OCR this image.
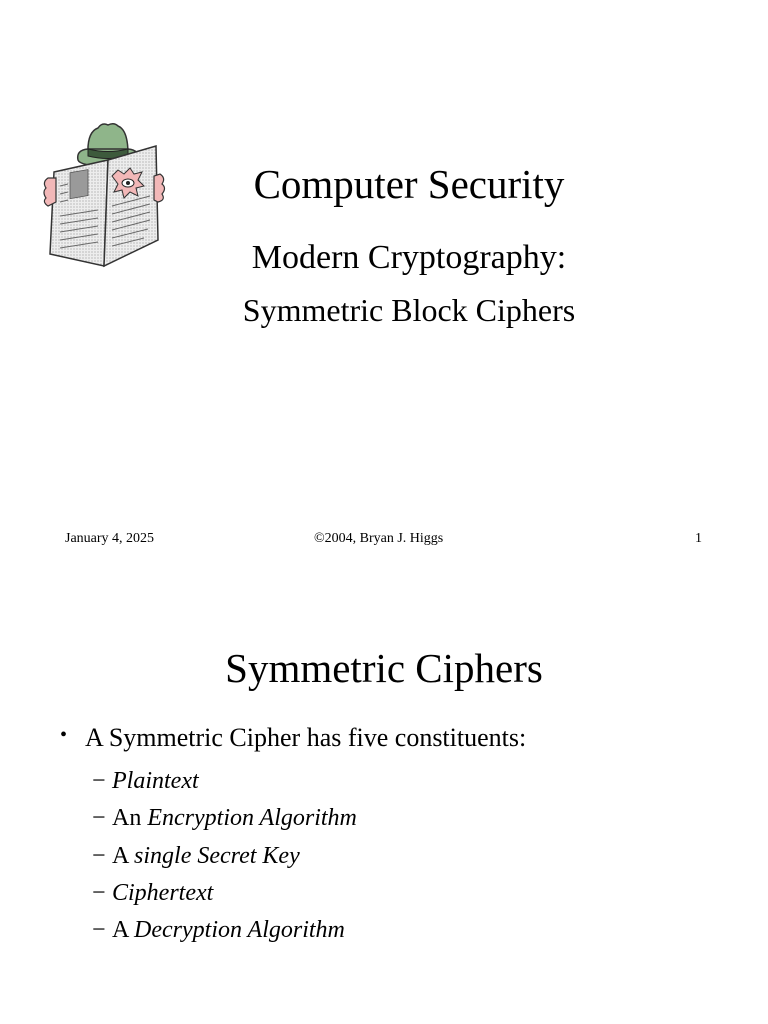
Computer Security
Modern Cryptography:
Symmetric Block Ciphers
January 4, 2025	©2004, Bryan J. Higgs	1
Symmetric Ciphers
• A Symmetric Cipher has five constituents:
− Plaintext
− An Encryption Algorithm
− A single Secret Key
− Ciphertext
− A Decryption Algorithm
